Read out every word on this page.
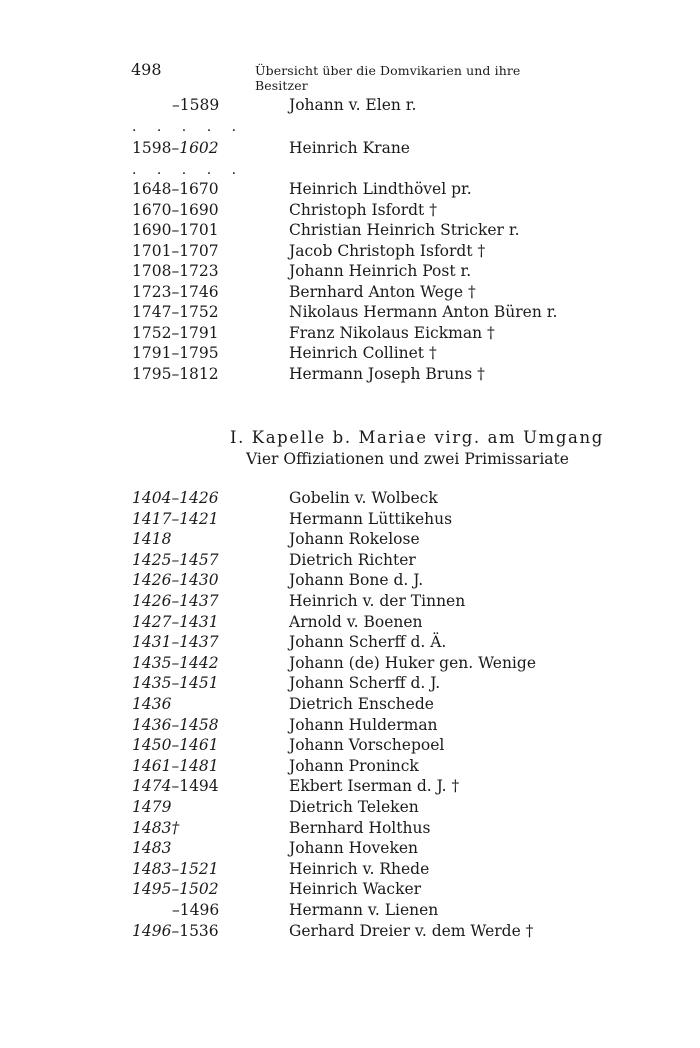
498	Übersicht über die Domvikarien und ihre Besitzer
–1589	Johann v. Elen r.
. . . . .
1598–1602	Heinrich Krane
. . . . .
1648–1670	Heinrich Lindthövel pr.
1670–1690	Christoph Isfordt †
1690–1701	Christian Heinrich Stricker r.
1701–1707	Jacob Christoph Isfordt †
1708–1723	Johann Heinrich Post r.
1723–1746	Bernhard Anton Wege †
1747–1752	Nikolaus Hermann Anton Büren r.
1752–1791	Franz Nikolaus Eickman †
1791–1795	Heinrich Collinet †
1795–1812	Hermann Joseph Bruns †
I. Kapelle b. Mariae virg. am Umgang
Vier Offiziationen und zwei Primissariate
1404–1426	Gobelin v. Wolbeck
1417–1421	Hermann Lüttikehus
1418	Johann Rokelose
1425–1457	Dietrich Richter
1426–1430	Johann Bone d. J.
1426–1437	Heinrich v. der Tinnen
1427–1431	Arnold v. Boenen
1431–1437	Johann Scherff d. Ä.
1435–1442	Johann (de) Huker gen. Wenige
1435–1451	Johann Scherff d. J.
1436	Dietrich Enschede
1436–1458	Johann Hulderman
1450–1461	Johann Vorschepoel
1461–1481	Johann Proninck
1474–1494	Ekbert Iserman d. J. †
1479	Dietrich Teleken
1483†	Bernhard Holthus
1483	Johann Hoveken
1483–1521	Heinrich v. Rhede
1495–1502	Heinrich Wacker
–1496	Hermann v. Lienen
1496–1536	Gerhard Dreier v. dem Werde †
